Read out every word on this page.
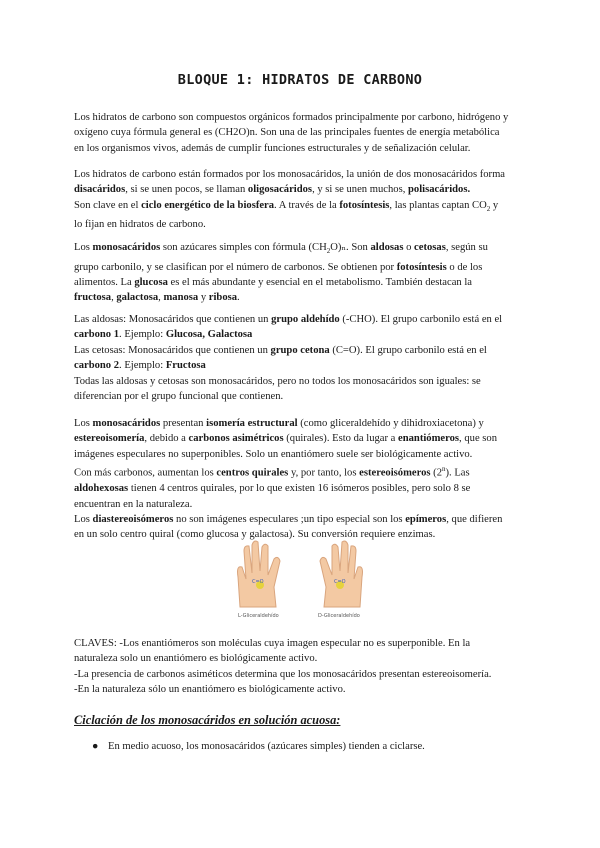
BLOQUE 1: HIDRATOS DE CARBONO
Los hidratos de carbono son compuestos orgánicos formados principalmente por carbono, hidrógeno y
oxígeno cuya fórmula general es (CH2O)n. Son una de las principales fuentes de energía metabólica
en los organismos vivos, además de cumplir funciones estructurales y de señalización celular.
Los hidratos de carbono están formados por los monosacáridos, la unión de dos monosacáridos forma
disacáridos, si se unen pocos, se llaman oligosacáridos, y si se unen muchos, polisacáridos.
Son clave en el ciclo energético de la biosfera. A través de la fotosíntesis, las plantas captan $CO_2$ y
lo fijan en hidratos de carbono.
Los monosacáridos son azúcares simples con fórmula $(CH_2O)_n$. Son aldosas o cetosas, según su
grupo carbonilo, y se clasifican por el número de carbonos. Se obtienen por fotosíntesis o de los
alimentos. La glucosa es el más abundante y esencial en el metabolismo. También destacan la
fructosa, galactosa, manosa y ribosa.
Las aldosas: Monosacáridos que contienen un grupo aldehído (-CHO). El grupo carbonilo está en el
carbono 1. Ejemplo: Glucosa, Galactosa
Las cetosas: Monosacáridos que contienen un grupo cetona (C=O). El grupo carbonilo está en el
carbono 2. Ejemplo: Fructosa
Todas las aldosas y cetosas son monosacáridos, pero no todos los monosacáridos son iguales: se
diferencian por el grupo funcional que contienen.
Los monosacáridos presentan isomería estructural (como gliceraldehído y dihidroxiacetona) y
estereoisomería, debido a carbonos asimétricos (quirales). Esto da lugar a enantiómeros, que son
imágenes especulares no superponibles. Solo un enantiómero suele ser biológicamente activo.
Con más carbonos, aumentan los centros quirales y, por tanto, los estereoisómeros (2$^n$). Las
aldohexosas tienen 4 centros quirales, por lo que existen 16 isómeros posibles, pero solo 8 se
encuentran en la naturaleza.
Los diastereoisómeros no son imágenes especulares ;un tipo especial son los epímeros, que difieren
en un solo centro quiral (como glucosa y galactosa). Su conversión requiere enzimas.
C=O
L-Gliceraldehído
C=O
D-Gliceraldehído
CLAVES: -Los enantiómeros son moléculas cuya imagen especular no es superponible. En la
naturaleza solo un enantiómero es biológicamente activo.
-La presencia de carbonos asiméticos determina que los monosacáridos presentan estereoisomería.
-En la naturaleza sólo un enantiómero es biológicamente activo.
Ciclación de los monosacáridos en solución acuosa:
● En medio acuoso, los monosacáridos (azúcares simples) tienden a ciclarse.
